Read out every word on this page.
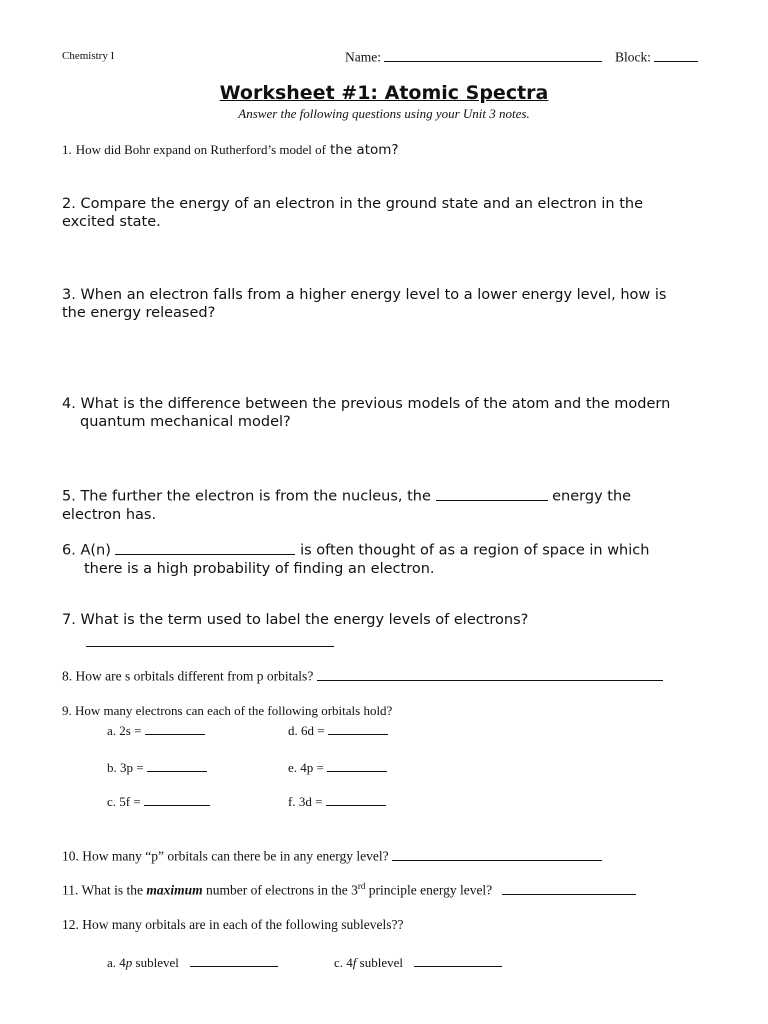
Chemistry I	Name:	Block:
Worksheet #1: Atomic Spectra
Answer the following questions using your Unit 3 notes.
1. How did Bohr expand on Rutherford’s model of the atom?
2. Compare the energy of an electron in the ground state and an electron in the
excited state.
3. When an electron falls from a higher energy level to a lower energy level, how is
the energy released?
4. What is the difference between the previous models of the atom and the modern
quantum mechanical model?
5. The further the electron is from the nucleus, the	energy the
electron has.
6. A(n)	is often thought of as a region of space in which
there is a high probability of finding an electron.
7. What is the term used to label the energy levels of electrons?
8. How are s orbitals different from p orbitals?
9. How many electrons can each of the following orbitals hold?
a. 2s =	d. 6d =
b. 3p =	e. 4p =
c. 5f =	f. 3d =
10. How many “p” orbitals can there be in any energy level?
11. What is the maximum number of electrons in the 3rd principle energy level?
12. How many orbitals are in each of the following sublevels??
a. 4p sublevel	c. 4f sublevel
